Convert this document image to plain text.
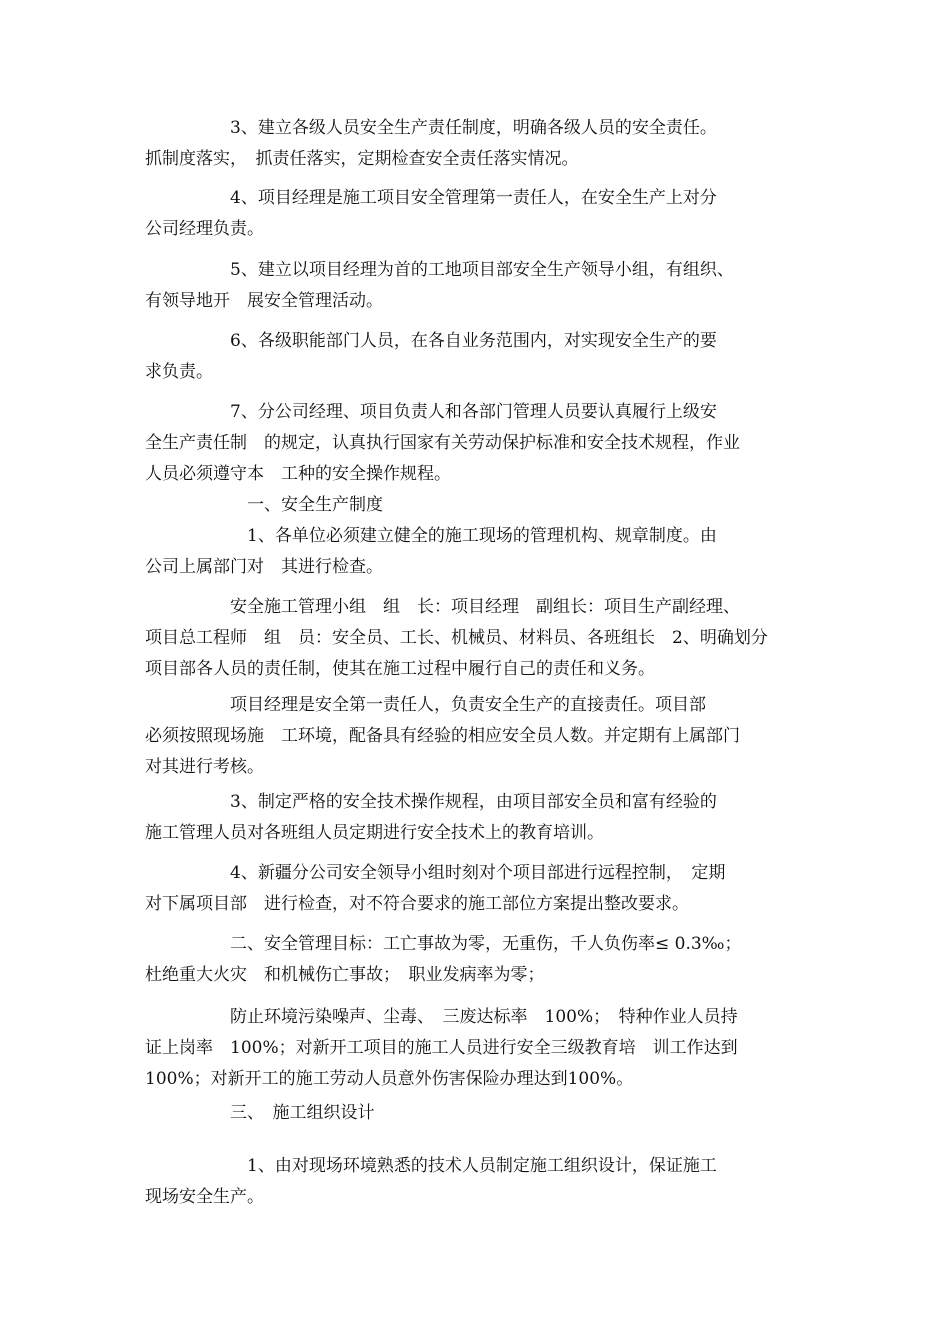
　　　　　3、建立各级人员安全生产责任制度，明确各级人员的安全责任。
抓制度落实，　抓责任落实，定期检查安全责任落实情况。

　　　　　4、项目经理是施工项目安全管理第一责任人，在安全生产上对分
公司经理负责。

　　　　　5、建立以项目经理为首的工地项目部安全生产领导小组，有组织、
有领导地开　展安全管理活动。

　　　　　6、各级职能部门人员，在各自业务范围内，对实现安全生产的要
求负责。

　　　　　7、分公司经理、项目负责人和各部门管理人员要认真履行上级安
全生产责任制　的规定，认真执行国家有关劳动保护标准和安全技术规程，作业
人员必须遵守本　工种的安全操作规程。
　　　　　　一、安全生产制度

　　　　　　1、各单位必须建立健全的施工现场的管理机构、规章制度。由
公司上属部门对　其进行检查。

　　　　　安全施工管理小组　组　长：项目经理　副组长：项目生产副经理、
项目总工程师　组　员：安全员、工长、机械员、材料员、各班组长　2、明确划分
项目部各人员的责任制，使其在施工过程中履行自己的责任和义务。

　　　　　项目经理是安全第一责任人，负责安全生产的直接责任。项目部
必须按照现场施　工环境，配备具有经验的相应安全员人数。并定期有上属部门
对其进行考核。

　　　　　3、制定严格的安全技术操作规程，由项目部安全员和富有经验的
施工管理人员对各班组人员定期进行安全技术上的教育培训。

　　　　　4、新疆分公司安全领导小组时刻对个项目部进行远程控制，　定期
对下属项目部　进行检查，对不符合要求的施工部位方案提出整改要求。

　　　　　二、安全管理目标：工亡事故为零，无重伤，千人负伤率≤ 0.3‰；
杜绝重大火灾　和机械伤亡事故；　职业发病率为零；

　　　　　防止环境污染噪声、尘毒、　三废达标率　100%；　特种作业人员持
证上岗率　100%；对新开工项目的施工人员进行安全三级教育培　训工作达到
100%；对新开工的施工劳动人员意外伤害保险办理达到100%。

　　　　　三、　施工组织设计

　　　　　　1、由对现场环境熟悉的技术人员制定施工组织设计，保证施工
现场安全生产。
